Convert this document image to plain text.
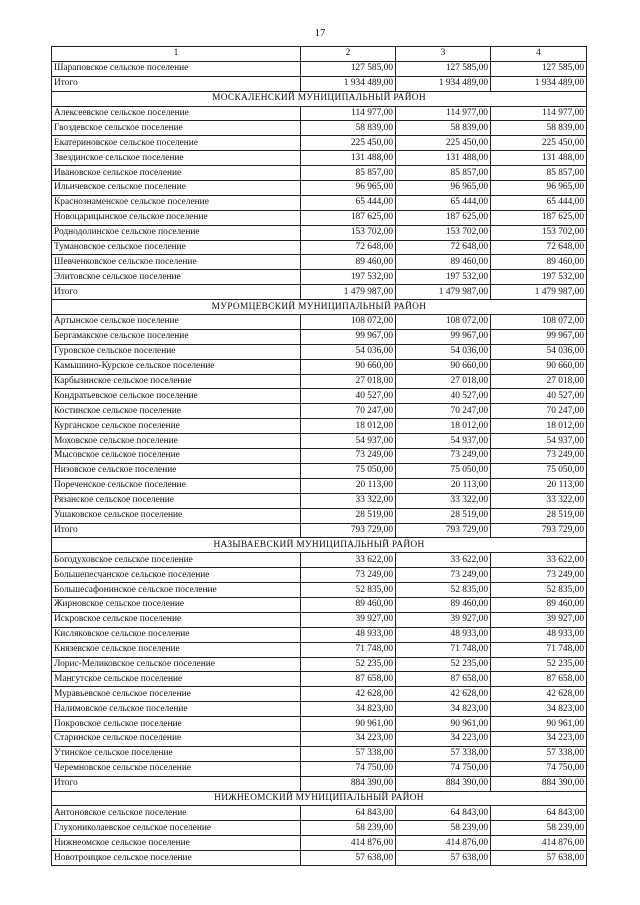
17
1	2	3	4
Шараповское сельское поселение	127 585,00	127 585,00	127 585,00
Итого	1 934 489,00	1 934 489,00	1 934 489,00
МОСКАЛЕНСКИЙ МУНИЦИПАЛЬНЫЙ РАЙОН			
Алексеевское сельское поселение	114 977,00	114 977,00	114 977,00
Гвоздевское сельское поселение	58 839,00	58 839,00	58 839,00
Екатериновское сельское поселение	225 450,00	225 450,00	225 450,00
Звездинское сельское поселение	131 488,00	131 488,00	131 488,00
Ивановское сельское поселение	85 857,00	85 857,00	85 857,00
Ильичевское сельское поселение	96 965,00	96 965,00	96 965,00
Краснознаменское сельское поселение	65 444,00	65 444,00	65 444,00
Новоцарицынское сельское поселение	187 625,00	187 625,00	187 625,00
Роднодолинское сельское поселение	153 702,00	153 702,00	153 702,00
Тумановское сельское поселение	72 648,00	72 648,00	72 648,00
Шевченковское сельское поселение	89 460,00	89 460,00	89 460,00
Элитовское сельское поселение	197 532,00	197 532,00	197 532,00
Итого	1 479 987,00	1 479 987,00	1 479 987,00
МУРОМЦЕВСКИЙ МУНИЦИПАЛЬНЫЙ РАЙОН			
Артынское сельское поселение	108 072,00	108 072,00	108 072,00
Бергамакское сельское поселение	99 967,00	99 967,00	99 967,00
Гуровское сельское поселение	54 036,00	54 036,00	54 036,00
Камышино-Курское сельское поселение	90 660,00	90 660,00	90 660,00
Карбызинское сельское поселение	27 018,00	27 018,00	27 018,00
Кондратьевское сельское поселение	40 527,00	40 527,00	40 527,00
Костинское сельское поселение	70 247,00	70 247,00	70 247,00
Курганское сельское поселение	18 012,00	18 012,00	18 012,00
Моховское сельское поселение	54 937,00	54 937,00	54 937,00
Мысовское сельское поселение	73 249,00	73 249,00	73 249,00
Низовское сельское поселение	75 050,00	75 050,00	75 050,00
Пореченское сельское поселение	20 113,00	20 113,00	20 113,00
Рязанское сельское поселение	33 322,00	33 322,00	33 322,00
Ушаковское сельское поселение	28 519,00	28 519,00	28 519,00
Итого	793 729,00	793 729,00	793 729,00
НАЗЫВАЕВСКИЙ МУНИЦИПАЛЬНЫЙ РАЙОН			
Богодуховское сельское поселение	33 622,00	33 622,00	33 622,00
Большепесчанское сельское поселение	73 249,00	73 249,00	73 249,00
Большесафонинское сельское поселение	52 835,00	52 835,00	52 835,00
Жирновское сельское поселение	89 460,00	89 460,00	89 460,00
Искровское сельское поселение	39 927,00	39 927,00	39 927,00
Кисляковское сельское поселение	48 933,00	48 933,00	48 933,00
Князевское сельское поселение	71 748,00	71 748,00	71 748,00
Лорис-Меликовское сельское поселение	52 235,00	52 235,00	52 235,00
Мангутское сельское поселение	87 658,00	87 658,00	87 658,00
Муравьевское сельское поселение	42 628,00	42 628,00	42 628,00
Налимовское сельское поселение	34 823,00	34 823,00	34 823,00
Покровское сельское поселение	90 961,00	90 961,00	90 961,00
Старинское сельское поселение	34 223,00	34 223,00	34 223,00
Утинское сельское поселение	57 338,00	57 338,00	57 338,00
Черемновское сельское поселение	74 750,00	74 750,00	74 750,00
Итого	884 390,00	884 390,00	884 390,00
НИЖНЕОМСКИЙ МУНИЦИПАЛЬНЫЙ РАЙОН			
Антоновское сельское поселение	64 843,00	64 843,00	64 843,00
Глухониколаевское сельское поселение	58 239,00	58 239,00	58 239,00
Нижнеомское сельское поселение	414 876,00	414 876,00	414 876,00
Новотроицкое сельское поселение	57 638,00	57 638,00	57 638,00
